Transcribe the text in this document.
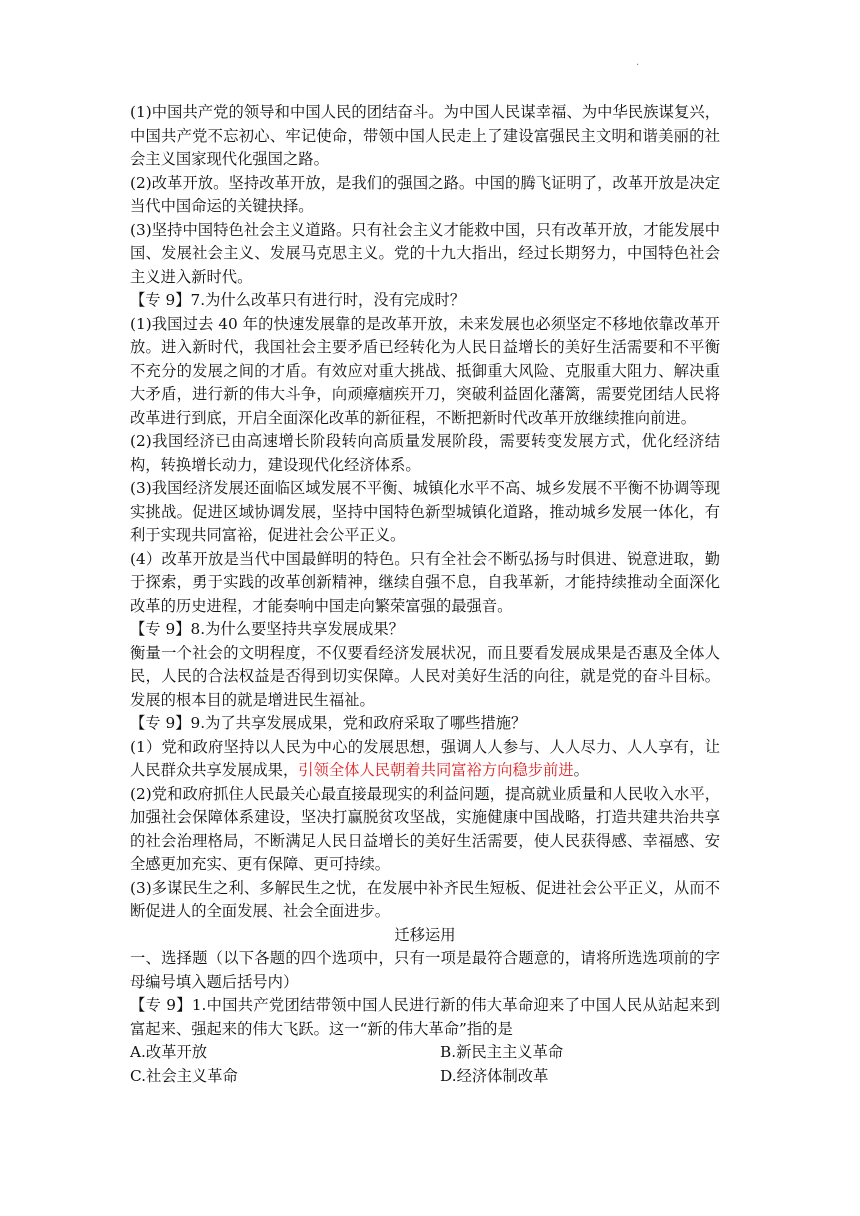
.

(1)中国共产党的领导和中国人民的团结奋斗。为中国人民谋幸福、为中华民族谋复兴，中国共产党不忘初心、牢记使命，带领中国人民走上了建设富强民主文明和谐美丽的社会主义国家现代化强国之路。

(2)改革开放。坚持改革开放，是我们的强国之路。中国的腾飞证明了，改革开放是决定当代中国命运的关键抉择。

(3)坚持中国特色社会主义道路。只有社会主义才能救中国，只有改革开放，才能发展中国、发展社会主义、发展马克思主义。党的十九大指出，经过长期努力，中国特色社会主义进入新时代。

【专 9】7.为什么改革只有进行时，没有完成时？

(1)我国过去 40 年的快速发展靠的是改革开放，未来发展也必须坚定不移地依靠改革开放。进入新时代，我国社会主要矛盾已经转化为人民日益增长的美好生活需要和不平衡不充分的发展之间的才盾。有效应对重大挑战、抵御重大风险、克服重大阻力、解决重大矛盾，进行新的伟大斗争，向顽瘴痼疾开刀，突破利益固化藩篱，需要党团结人民将改革进行到底，开启全面深化改革的新征程，不断把新时代改革开放继续推向前进。

(2)我国经济已由高速增长阶段转向高质量发展阶段，需要转变发展方式，优化经济结构，转换增长动力，建设现代化经济体系。

(3)我国经济发展还面临区域发展不平衡、城镇化水平不高、城乡发展不平衡不协调等现实挑战。促进区域协调发展，坚持中国特色新型城镇化道路，推动城乡发展一体化，有利于实现共同富裕，促进社会公平正义。

(4）改革开放是当代中国最鲜明的特色。只有全社会不断弘扬与时俱进、锐意进取，勤于探索，勇于实践的改革创新精神，继续自强不息，自我革新，才能持续推动全面深化改革的历史进程，才能奏响中国走向繁荣富强的最强音。

【专 9】8.为什么要坚持共享发展成果？

衡量一个社会的文明程度，不仅要看经济发展状况，而且要看发展成果是否惠及全体人民，人民的合法权益是否得到切实保障。人民对美好生活的向往，就是党的奋斗目标。发展的根本目的就是增进民生福祉。

【专 9】9.为了共享发展成果，党和政府采取了哪些措施？

(1）党和政府坚持以人民为中心的发展思想，强调人人参与、人人尽力、人人享有，让人民群众共享发展成果，引领全体人民朝着共同富裕方向稳步前进。

(2)党和政府抓住人民最关心最直接最现实的利益问题，提高就业质量和人民收入水平，加强社会保障体系建设，坚决打赢脱贫攻坚战，实施健康中国战略，打造共建共治共享的社会治理格局，不断满足人民日益增长的美好生活需要，使人民获得感、幸福感、安全感更加充实、更有保障、更可持续。

(3)多谋民生之利、多解民生之忧，在发展中补齐民生短板、促进社会公平正义，从而不断促进人的全面发展、社会全面进步。

迁移运用

一、选择题（以下各题的四个选项中，只有一项是最符合题意的，请将所选选项前的字母编号填入题后括号内）

【专 9】1.中国共产党团结带领中国人民进行新的伟大革命迎来了中国人民从站起来到富起来、强起来的伟大飞跃。这一“新的伟大革命”指的是

A.改革开放	B.新民主主义革命
C.社会主义革命	D.经济体制改革
